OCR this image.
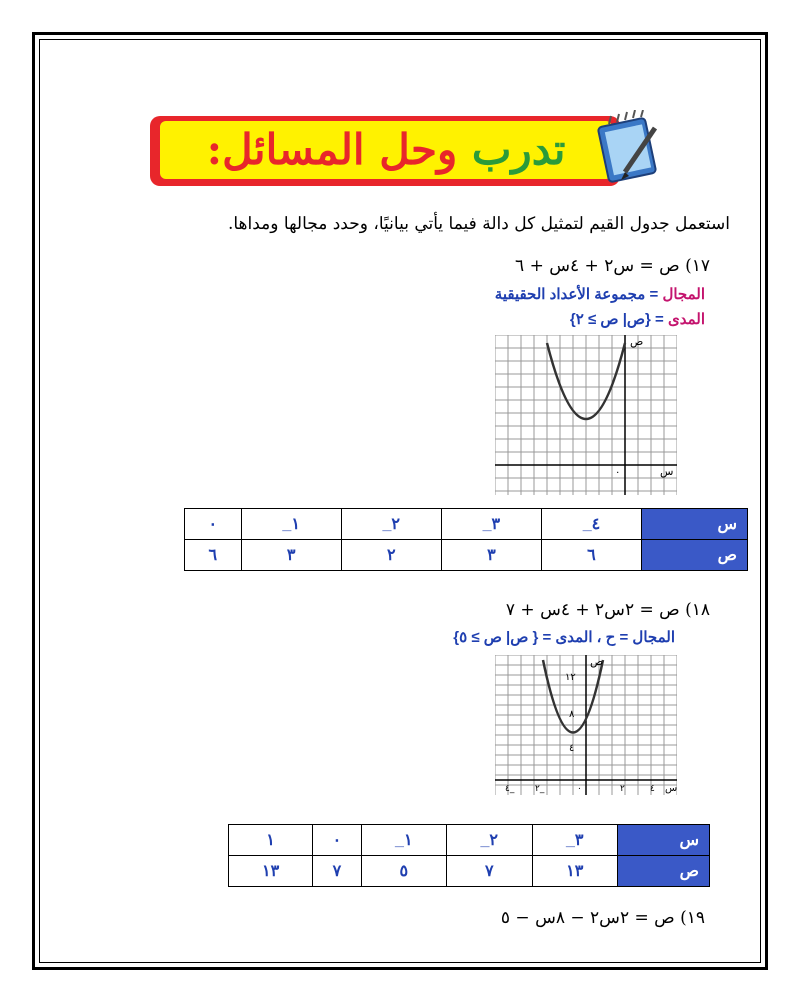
تدرب وحل المسائل:
استعمل جدول القيم لتمثيل كل دالة فيما يأتي بيانيًا، وحدد مجالها ومداها.
١٧) ص = س٢ + ٤س + ٦
المجال = مجموعة الأعداد الحقيقية
المدى = {ص| ص ≥ ٢}
ص
س
٠
س	٤_	٣_	٢_	١_	٠
ص	٦	٣	٢	٣	٦
١٨) ص = ٢س٢ + ٤س + ٧
المجال = ح ، المدى = { ص| ص ≥ ٥}
ص
١٢
٨
٤
٤_ ٢_	٠	٢	٤ س
س	٣_	٢_	١_	٠	١
ص	١٣	٧	٥	٧	١٣
١٩) ص = ٢س٢ − ٨س − ٥
